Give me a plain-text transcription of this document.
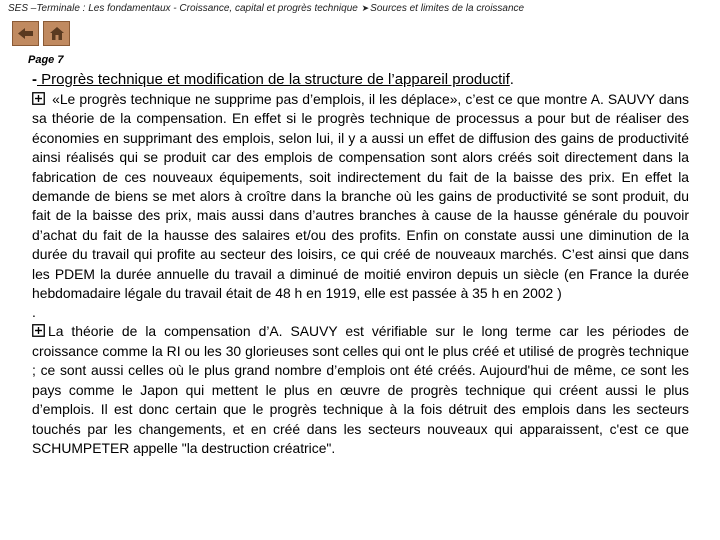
SES –Terminale : Les fondamentaux - Croissance, capital et progrès technique ➤Sources et limites de la croissance
Page 7

- Progrès technique et modification de la structure de l’appareil productif.

«Le progrès technique ne supprime pas d’emplois, il les déplace», c’est ce que montre A. SAUVY dans sa théorie de la compensation. En effet si le progrès technique de processus a pour but de réaliser des économies en supprimant des emplois, selon lui, il y a aussi un effet de diffusion des gains de productivité ainsi réalisés qui se produit car des emplois de compensation sont alors créés soit directement dans la fabrication de ces nouveaux équipements, soit indirectement du fait de la baisse des prix. En effet la demande de biens se met alors à croître dans la branche où les gains de productivité se sont produit, du fait de la baisse des prix, mais aussi dans d’autres branches à cause de la hausse générale du pouvoir d’achat du fait de la hausse des salaires et/ou des profits. Enfin on constate aussi une diminution de la durée du travail qui profite au secteur des loisirs, ce qui créé de nouveaux marchés. C’est ainsi que dans les PDEM la durée annuelle du travail a diminué de moitié environ depuis un siècle (en France la durée hebdomadaire légale du travail était de 48 h en 1919, elle est passée à 35 h en 2002 )

.

La théorie de la compensation d’A. SAUVY est vérifiable sur le long terme car les périodes de croissance comme la RI ou les 30 glorieuses sont celles qui ont le plus créé et utilisé de progrès technique ; ce sont aussi celles où le plus grand nombre d’emplois ont été créés. Aujourd'hui de même, ce sont les pays comme le Japon qui mettent le plus en œuvre de progrès technique qui créent aussi le plus d’emplois. Il est donc certain que le progrès technique à la fois détruit des emplois dans les secteurs touchés par les changements, et en créé dans les secteurs nouveaux qui apparaissent, c'est ce que SCHUMPETER appelle "la destruction créatrice".
